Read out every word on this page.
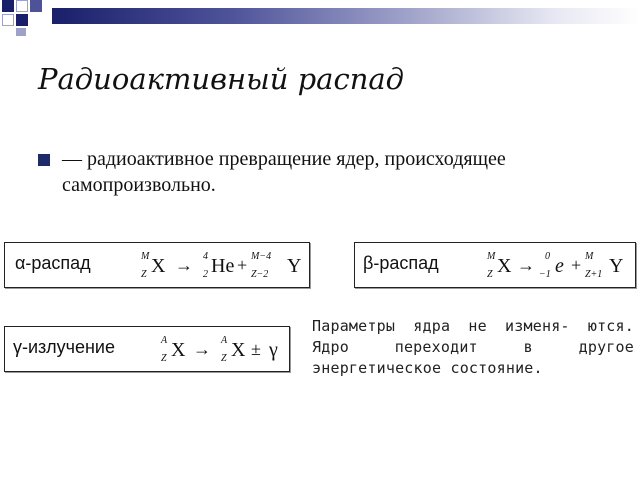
Радиоактивный распад
— радиоактивное превращение ядер, происходящее самопроизвольно.
α-распад	M
Z X → 4
2 He + M−4
Z−2 Y	β-распад	M
Z X → 0
−1 e + M
Z+1 Y
γ-излучение	A
Z X → A
Z X ± γ
Параметры ядра не изменя- ются. Ядро переходит в другое энергетическое состояние.
